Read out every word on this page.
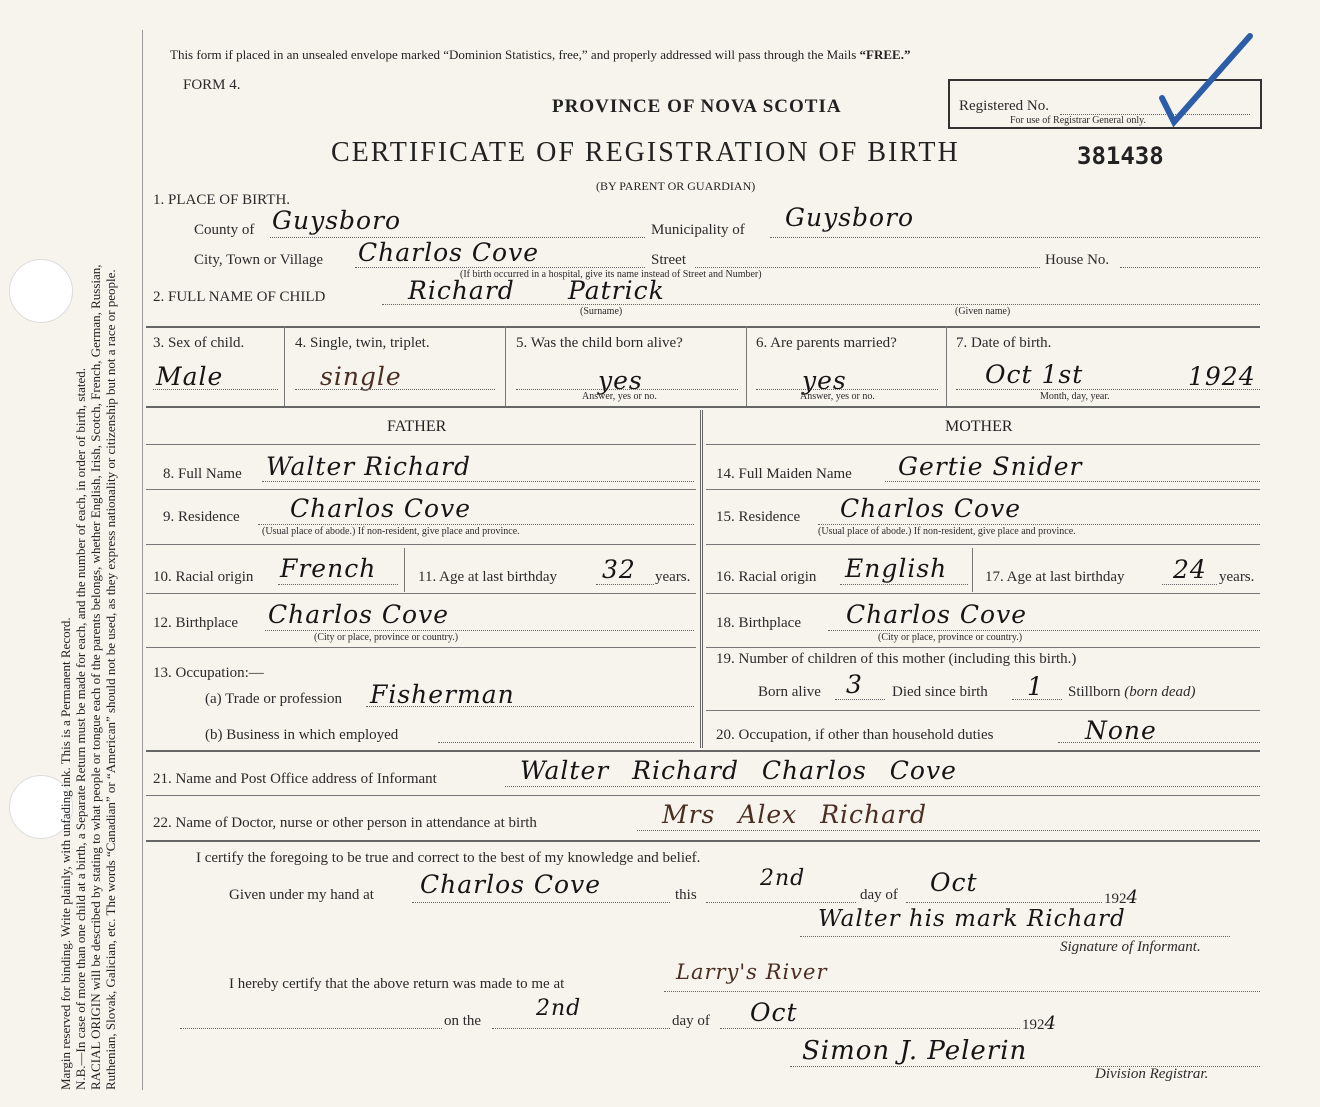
Margin reserved for binding. Write plainly, with unfading ink. This is a Permanent Record. N.B.—In case of more than one child at a birth, a Separate Return must be made for each, and the number of each, in order of birth, stated. RACIAL ORIGIN will be described by stating to what people or tongue each of the parents belongs, whether English, Irish, Scotch, French, German, Russian, Ruthenian, Slovak, Galician, etc. The words “Canadian” or “American” should not be used, as they express nationality or citizenship but not a race or people.
This form if placed in an unsealed envelope marked “Dominion Statistics, free,” and properly addressed will pass through the Mails “FREE.”
FORM 4.
PROVINCE OF NOVA SCOTIA	Registered No.
For use of Registrar General only.
CERTIFICATE OF REGISTRATION OF BIRTH	381438
(BY PARENT OR GUARDIAN)
1. PLACE OF BIRTH.
County of Guysboro	Municipality of Guysboro
City, Town or Village Charlos Cove	Street	House No.
(If birth occurred in a hospital, give its name instead of Street and Number)
2. FULL NAME OF CHILD	Richard Patrick
(Surname)	(Given name)
3. Sex of child.
Male
4. Single, twin, triplet.
single
5. Was the child born alive?
yes
Answer, yes or no.
6. Are parents married?
yes
Answer, yes or no.
7. Date of birth.
Oct 1st	1924
Month, day, year.
FATHER
8. Full Name Walter Richard
9. Residence Charlos Cove
(Usual place of abode.) If non-resident, give place and province.
10. Racial origin French	11. Age at last birthday 32 years.
12. Birthplace Charlos Cove
(City or place, province or country.)
13. Occupation:—
(a) Trade or profession Fisherman
(b) Business in which employed
MOTHER
14. Full Maiden Name Gertie Snider
15. Residence Charlos Cove
(Usual place of abode.) If non-resident, give place and province.
16. Racial origin English	17. Age at last birthday 24 years.
18. Birthplace Charlos Cove
(City or place, province or country.)
19. Number of children of this mother (including this birth.)
Born alive 3 Died since birth 1 Stillborn (born dead)
20. Occupation, if other than household duties	None
21. Name and Post Office address of Informant	Walter Richard Charlos Cove
22. Name of Doctor, nurse or other person in attendance at birth	Mrs Alex Richard
I certify the foregoing to be true and correct to the best of my knowledge and belief.
Given under my hand at Charlos Cove	this
2nd
day of Oct
1924
Walter his mark Richard
Signature of Informant.
I hereby certify that the above return was made to me at	Larry's River
on the 2nd	day of Oct	1924
Simon J. Pelerin
Division Registrar.
